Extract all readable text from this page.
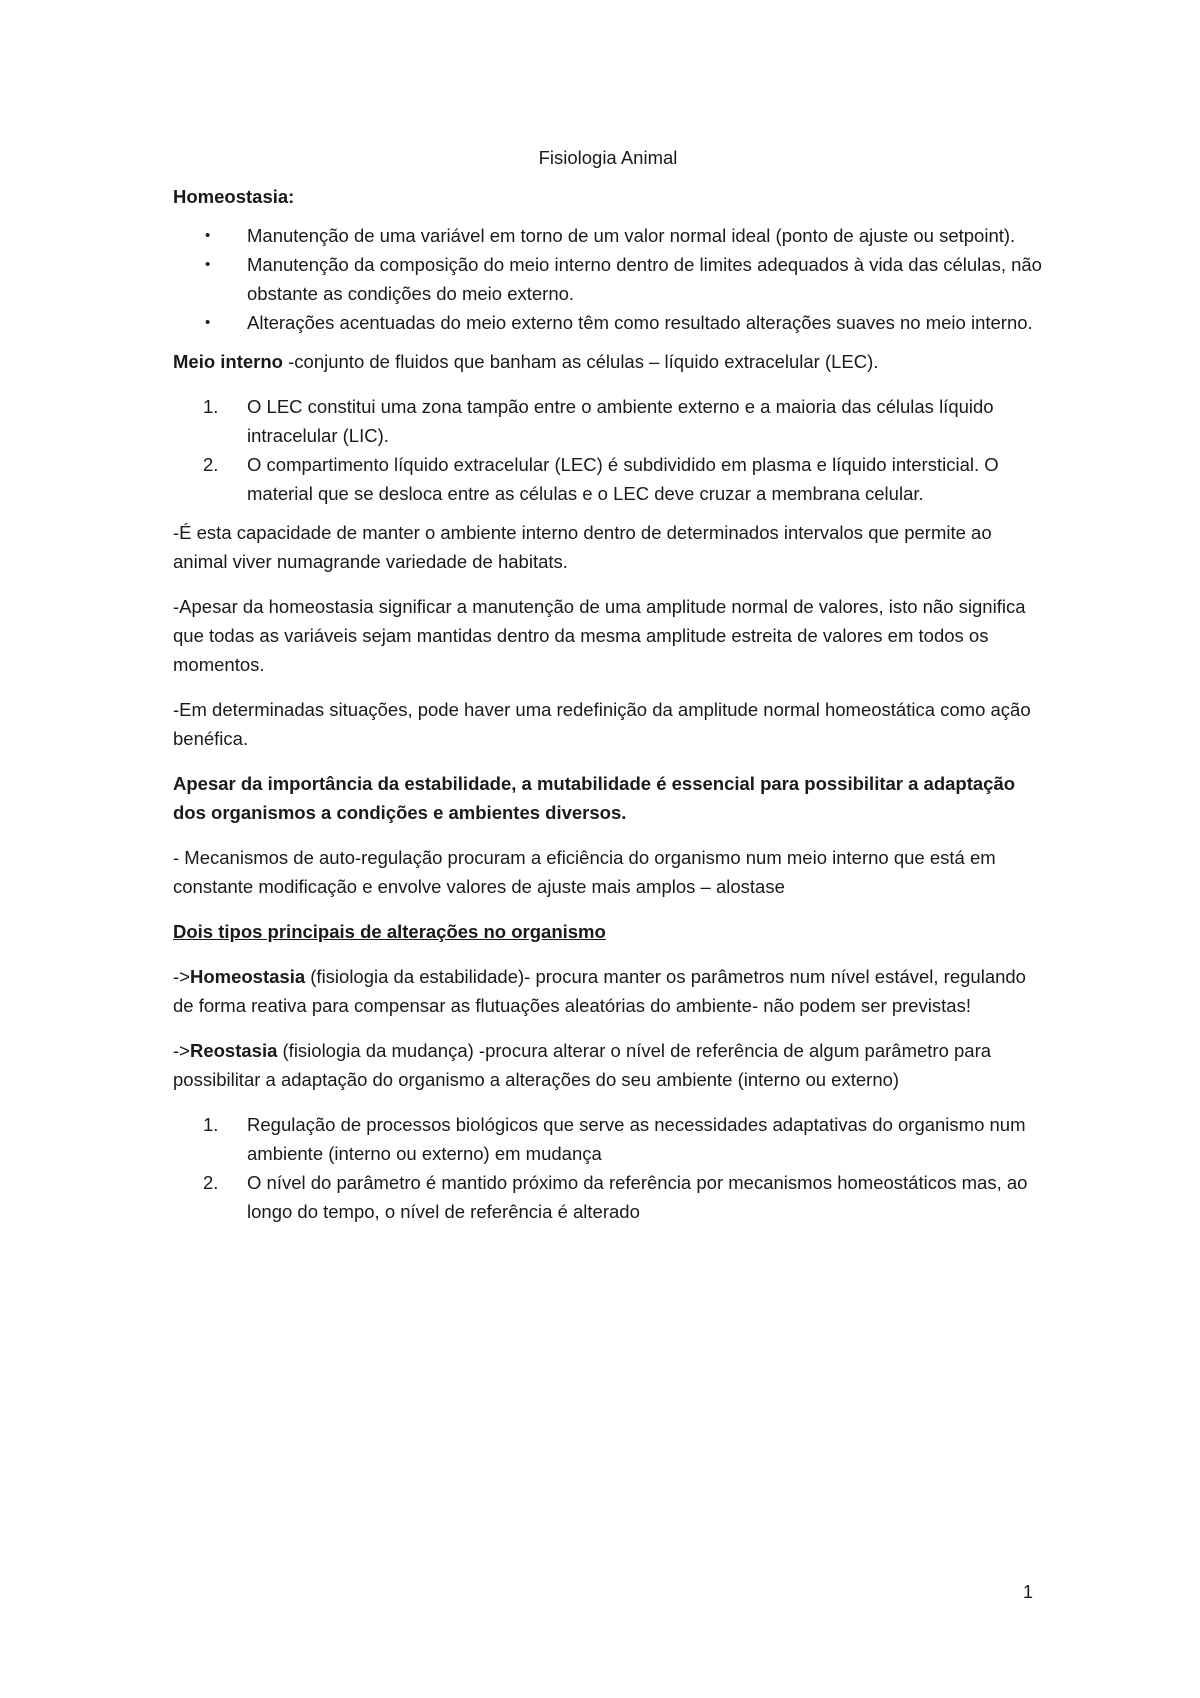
Fisiologia Animal

Homeostasia:

• Manutenção de uma variável em torno de um valor normal ideal (ponto de ajuste ou setpoint).
• Manutenção da composição do meio interno dentro de limites adequados à vida das células, não obstante as condições do meio externo.
• Alterações acentuadas do meio externo têm como resultado alterações suaves no meio interno.

Meio interno -conjunto de fluidos que banham as células – líquido extracelular (LEC).

1. O LEC constitui uma zona tampão entre o ambiente externo e a maioria das células líquido intracelular (LIC).
2. O compartimento líquido extracelular (LEC) é subdividido em plasma e líquido intersticial. O material que se desloca entre as células e o LEC deve cruzar a membrana celular.

-É esta capacidade de manter o ambiente interno dentro de determinados intervalos que permite ao animal viver numagrande variedade de habitats.

-Apesar da homeostasia significar a manutenção de uma amplitude normal de valores, isto não significa que todas as variáveis sejam mantidas dentro da mesma amplitude estreita de valores em todos os momentos.

-Em determinadas situações, pode haver uma redefinição da amplitude normal homeostática como ação benéfica.

Apesar da importância da estabilidade, a mutabilidade é essencial para possibilitar a adaptação dos organismos a condições e ambientes diversos.

- Mecanismos de auto-regulação procuram a eficiência do organismo num meio interno que está em constante modificação e envolve valores de ajuste mais amplos – alostase

Dois tipos principais de alterações no organismo

->Homeostasia (fisiologia da estabilidade)- procura manter os parâmetros num nível estável, regulando de forma reativa para compensar as flutuações aleatórias do ambiente- não podem ser previstas!

->Reostasia (fisiologia da mudança) -procura alterar o nível de referência de algum parâmetro para possibilitar a adaptação do organismo a alterações do seu ambiente (interno ou externo)

1. Regulação de processos biológicos que serve as necessidades adaptativas do organismo num ambiente (interno ou externo) em mudança
2. O nível do parâmetro é mantido próximo da referência por mecanismos homeostáticos mas, ao longo do tempo, o nível de referência é alterado
1
